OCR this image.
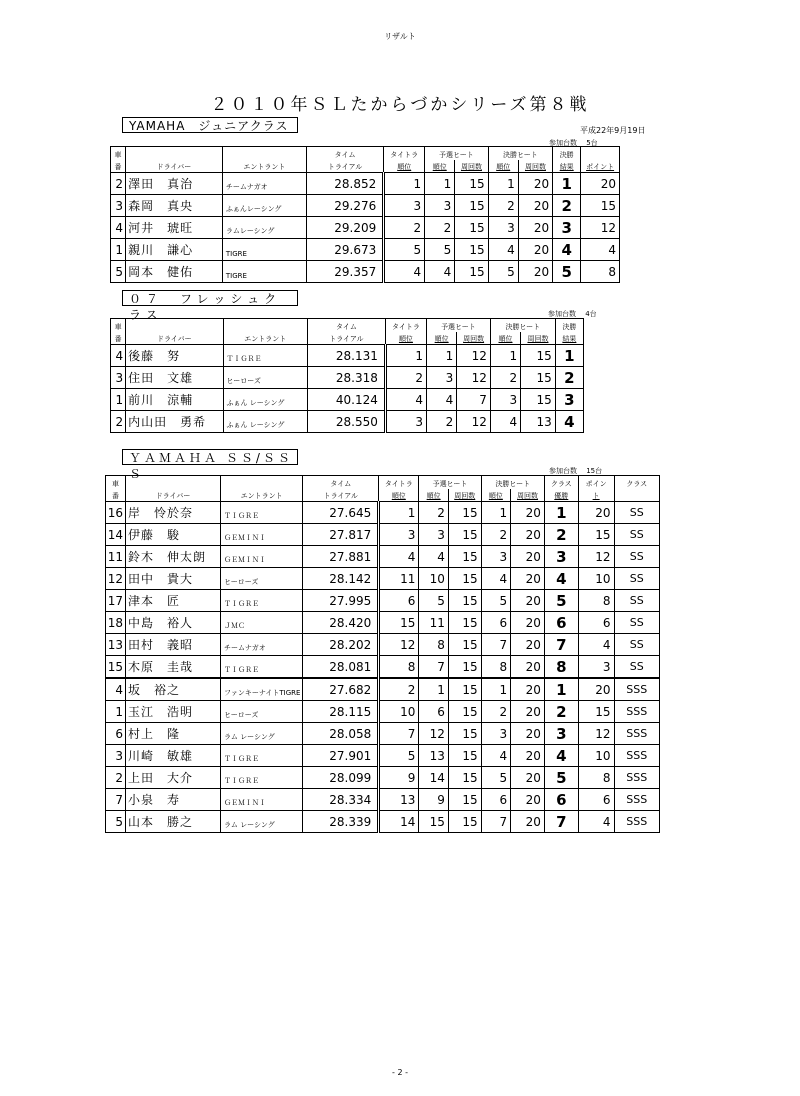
リザルト
２０１０年ＳＬたからづかシリーズ第８戦
平成22年9月19日
YAMAHA　ジュニアクラス
参加台数　 5台
車			タイム	タイトラ	予選ヒート		決勝ヒート		決勝	
番	ドライバー	エントラント	トライアル	順位	順位	周回数	順位	周回数	結果	ポイント
2	澤田　真治	チームナガオ	28.852	1	1	15	1	20	1	20
3	森岡　真央	ふぁんレーシング	29.276	3	3	15	2	20	2	15
4	河井　琥旺	ラムレーシング	29.209	2	2	15	3	20	3	12
1	親川　謙心	TIGRE	29.673	5	5	15	4	20	4	4
5	岡本　健佑	TIGRE	29.357	4	4	15	5	20	5	8
０７　フレッシュクラス	参加台数　 4台
車			タイム	タイトラ	予選ヒート		決勝ヒート		決勝
番	ドライバー	エントラント	トライアル	順位	順位	周回数	順位	周回数	結果
4	後藤　努	ＴＩＧＲＥ	28.131	1	1	12	1	15	1
3	住田　文雄	ヒーローズ	28.318	2	3	12	2	15	2
1	前川　涼輔	ふぁん レーシング	40.124	4	4	7	3	15	3
2	内山田　勇希	ふぁん レーシング	28.550	3	2	12	4	13	4
ＹＡＭＡＨＡ ＳＳ/ＳＳＳ	参加台数　 15台
車			タイム	タイトラ	予選ヒート		決勝ヒート		クラス	ポイン	クラス
番	ドライバー	エントラント	トライアル	順位	順位	周回数	順位	周回数	優勝	ト	
16	岸　怜於奈	ＴＩＧＲＥ	27.645	1	2	15	1	20	1	20	SS
14	伊藤　駿	ＧＥＭＩＮＩ	27.817	3	3	15	2	20	2	15	SS
11	鈴木　伸太朗	ＧＥＭＩＮＩ	27.881	4	4	15	3	20	3	12	SS
12	田中　貴大	ヒーローズ	28.142	11	10	15	4	20	4	10	SS
17	津本　匠	ＴＩＧＲＥ	27.995	6	5	15	5	20	5	8	SS
18	中島　裕人	ＪＭＣ	28.420	15	11	15	6	20	6	6	SS
13	田村　義昭	チームナガオ	28.202	12	8	15	7	20	7	4	SS
15	木原　圭哉	ＴＩＧＲＥ	28.081	8	7	15	8	20	8	3	SS
4	坂　裕之	ファンキーナイトTIGRE	27.682	2	1	15	1	20	1	20	SSS
1	玉江　浩明	ヒーローズ	28.115	10	6	15	2	20	2	15	SSS
6	村上　隆	ラム レーシング	28.058	7	12	15	3	20	3	12	SSS
3	川崎　敏雄	ＴＩＧＲＥ	27.901	5	13	15	4	20	4	10	SSS
2	上田　大介	ＴＩＧＲＥ	28.099	9	14	15	5	20	5	8	SSS
7	小泉　寿	ＧＥＭＩＮＩ	28.334	13	9	15	6	20	6	6	SSS
5	山本　勝之	ラム レーシング	28.339	14	15	15	7	20	7	4	SSS
- 2 -
